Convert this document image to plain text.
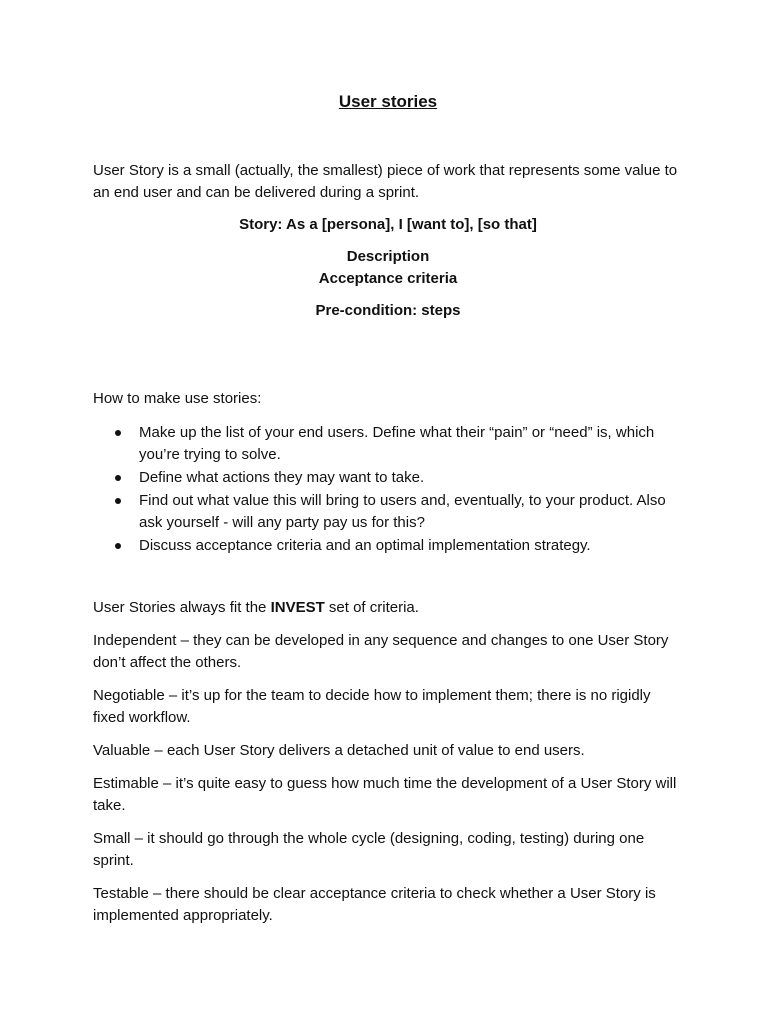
User stories

User Story is a small (actually, the smallest) piece of work that represents some value to an end user and can be delivered during a sprint.

Story: As a [persona], I [want to], [so that]

Description

Acceptance criteria

Pre-condition: steps

How to make use stories:

Make up the list of your end users. Define what their “pain” or “need” is, which you’re trying to solve.
Define what actions they may want to take.
Find out what value this will bring to users and, eventually, to your product. Also ask yourself - will any party pay us for this?
Discuss acceptance criteria and an optimal implementation strategy.

User Stories always fit the INVEST set of criteria.

Independent – they can be developed in any sequence and changes to one User Story don’t affect the others.

Negotiable – it’s up for the team to decide how to implement them; there is no rigidly fixed workflow.

Valuable – each User Story delivers a detached unit of value to end users.

Estimable – it’s quite easy to guess how much time the development of a User Story will take.

Small – it should go through the whole cycle (designing, coding, testing) during one sprint.

Testable – there should be clear acceptance criteria to check whether a User Story is implemented appropriately.
